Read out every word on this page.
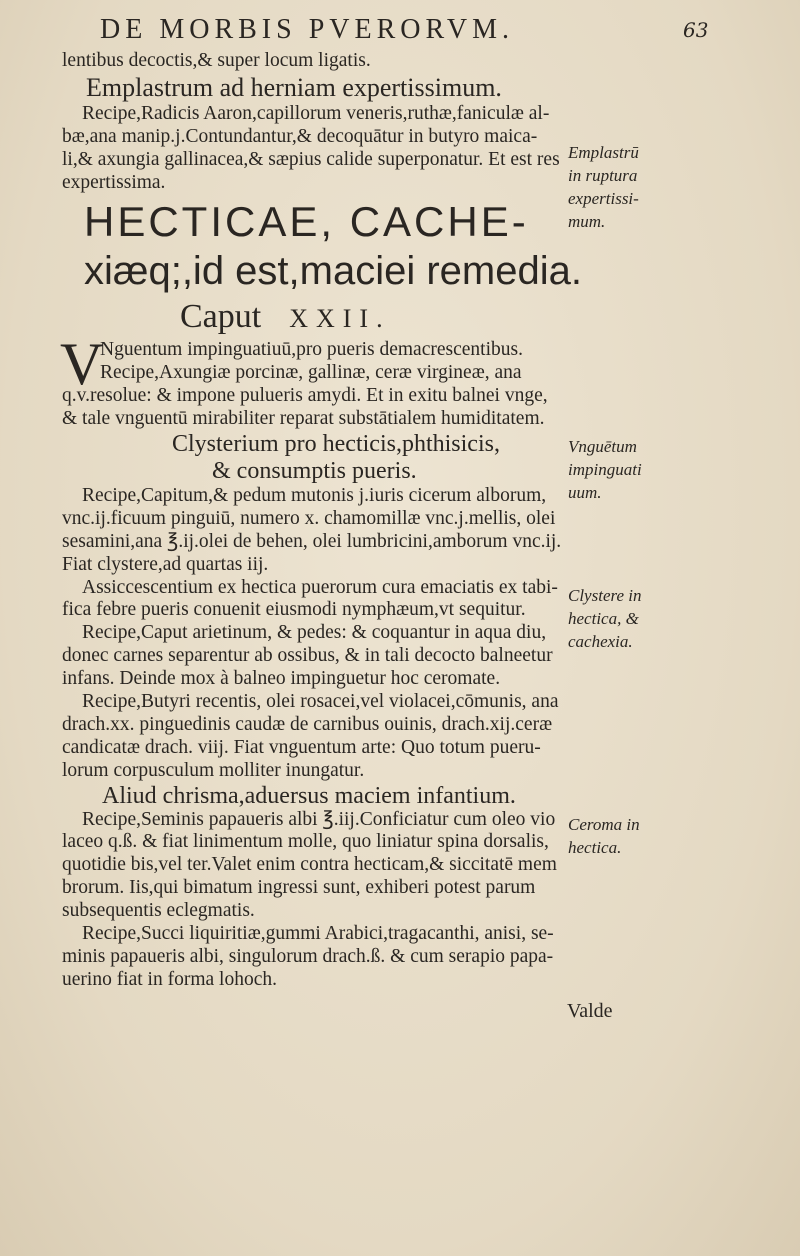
DE MORBIS PVERORVM.	63
lentibus decoctis,& super locum ligatis.
Emplastrum ad herniam expertissimum.
Recipe,Radicis Aaron,capillorum veneris,ruthæ,faniculæ al-
bæ,ana manip.j.Contundantur,& decoquātur in butyro maica-
li,& axungia gallinacea,& sæpius calide superponatur. Et est res
expertissima.
HECTICAE, CACHE-
xiæq;,id est,maciei remedia.
Caput XXII.
V
Nguentum impinguatiuū,pro pueris demacrescentibus.
Recipe,Axungiæ porcinæ, gallinæ, ceræ virgineæ, ana
q.v.resolue: & impone pulueris amydi. Et in exitu balnei vnge,
& tale vnguentū mirabiliter reparat substātialem humiditatem.
Clysterium pro hecticis,phthisicis,
& consumptis pueris.
Recipe,Capitum,& pedum mutonis j.iuris cicerum alborum,
vnc.ij.ficuum pinguiū, numero x. chamomillæ vnc.j.mellis, olei
sesamini,ana ℥.ij.olei de behen, olei lumbricini,amborum vnc.ij.
Fiat clystere,ad quartas iij.
Assiccescentium ex hectica puerorum cura emaciatis ex tabi-
fica febre pueris conuenit eiusmodi nymphæum,vt sequitur.
Recipe,Caput arietinum, & pedes: & coquantur in aqua diu,
donec carnes separentur ab ossibus, & in tali decocto balneetur
infans. Deinde mox à balneo impinguetur hoc ceromate.
Recipe,Butyri recentis, olei rosacei,vel violacei,cōmunis, ana
drach.xx. pinguedinis caudæ de carnibus ouinis, drach.xij.ceræ
candicatæ drach. viij. Fiat vnguentum arte: Quo totum pueru-
lorum corpusculum molliter inungatur.
Aliud chrisma,aduersus maciem infantium.
Recipe,Seminis papaueris albi ℥.iij.Conficiatur cum oleo vio
laceo q.ß. & fiat linimentum molle, quo liniatur spina dorsalis,
quotidie bis,vel ter.Valet enim contra hecticam,& siccitatē mem
brorum. Iis,qui bimatum ingressi sunt, exhiberi potest parum
subsequentis eclegmatis.
Recipe,Succi liquiritiæ,gummi Arabici,tragacanthi, anisi, se-
minis papaueris albi, singulorum drach.ß. & cum serapio papa-
uerino fiat in forma lohoch.
Valde
Emplastrū
in ruptura
expertissi-
mum.
Vnguētum
impinguati
uum.
Clystere in
hectica, &
cachexia.
Ceroma in
hectica.
